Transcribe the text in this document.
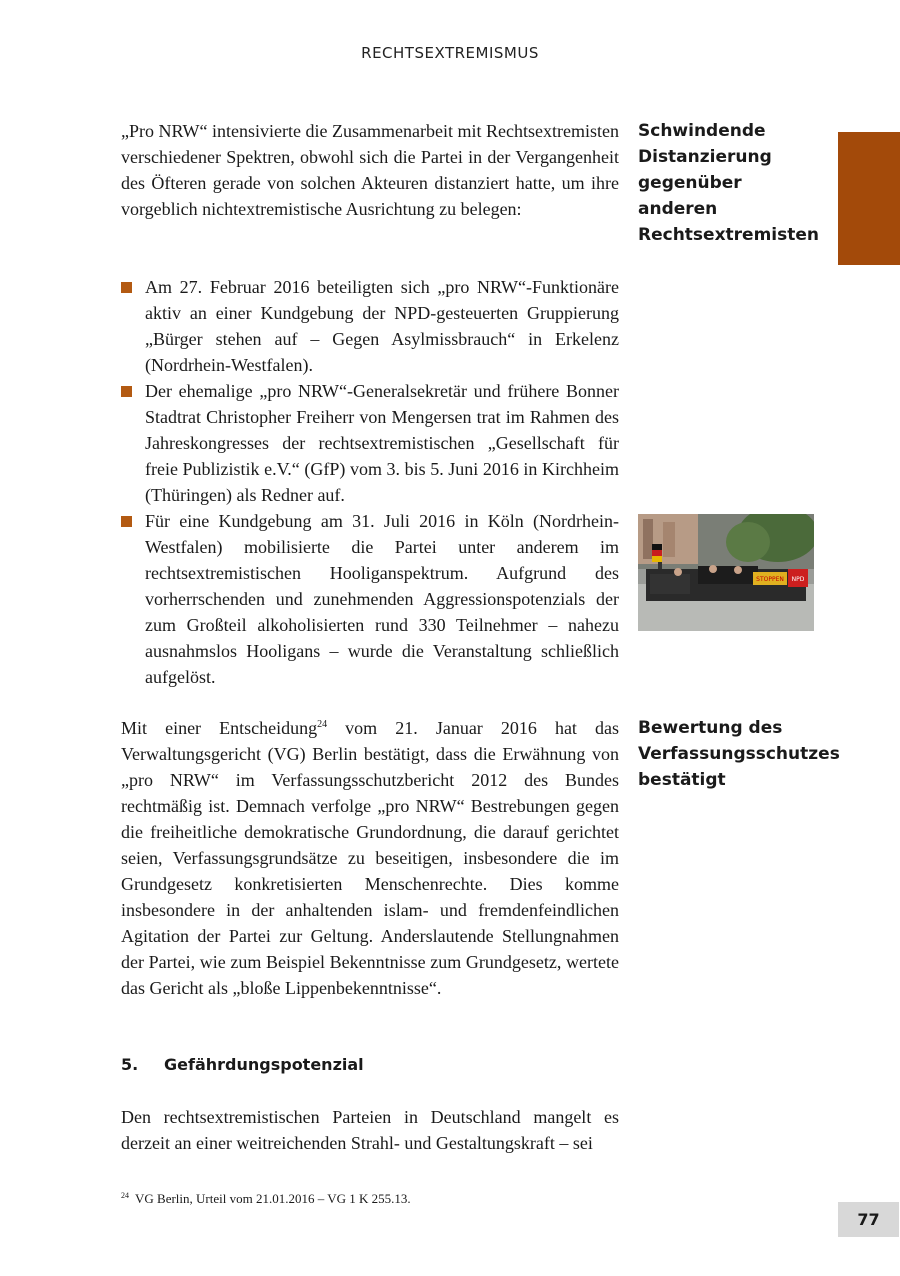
RECHTSEXTREMISMUS

„Pro NRW“ intensivierte die Zusammenarbeit mit Rechtsextremisten verschiedener Spektren, obwohl sich die Partei in der Vergangenheit des Öfteren gerade von solchen Akteuren distanziert hatte, um ihre vorgeblich nichtextremistische Ausrichtung zu belegen:

Schwindende
Distanzierung
gegenüber anderen
Rechtsextremisten
Am 27. Februar 2016 beteiligten sich „pro NRW“-Funktionäre aktiv an einer Kundgebung der NPD-gesteuerten Gruppierung „Bürger stehen auf – Gegen Asylmissbrauch“ in Erkelenz (Nordrhein-Westfalen).
Der ehemalige „pro NRW“-Generalsekretär und frühere Bonner Stadtrat Christopher Freiherr von Mengersen trat im Rahmen des Jahreskongresses der rechtsextremistischen „Gesellschaft für freie Publizistik e.V.“ (GfP) vom 3. bis 5. Juni 2016 in Kirchheim (Thüringen) als Redner auf.
Für eine Kundgebung am 31. Juli 2016 in Köln (Nordrhein-Westfalen) mobilisierte die Partei unter anderem im rechtsextremistischen Hooliganspektrum. Aufgrund des vorherrschenden und zunehmenden Aggressionspotenzials der zum Großteil alkoholisierten rund 330 Teilnehmer – nahezu ausnahmslos Hooligans – wurde die Veranstaltung schließlich aufgelöst.
STOPPEN NPD

Mit einer Entscheidung$^{24}$ vom 21. Januar 2016 hat das Verwaltungsgericht (VG) Berlin bestätigt, dass die Erwähnung von „pro NRW“ im Verfassungsschutzbericht 2012 des Bundes rechtmäßig ist. Demnach verfolge „pro NRW“ Bestrebungen gegen die freiheitliche demokratische Grundordnung, die darauf gerichtet seien, Verfassungsgrundsätze zu beseitigen, insbesondere die im Grundgesetz konkretisierten Menschenrechte. Dies komme insbesondere in der anhaltenden islam- und fremdenfeindlichen Agitation der Partei zur Geltung. Anderslautende Stellungnahmen der Partei, wie zum Beispiel Bekenntnisse zum Grundgesetz, wertete das Gericht als „bloße Lippenbekenntnisse“.

Bewertung des
Verfassungsschutzes
bestätigt
5. Gefährdungspotenzial

Den rechtsextremistischen Parteien in Deutschland mangelt es derzeit an einer weitreichenden Strahl- und Gestaltungskraft – sei

$^{24}$ VG Berlin, Urteil vom 21.01.2016 – VG 1 K 255.13.
77
